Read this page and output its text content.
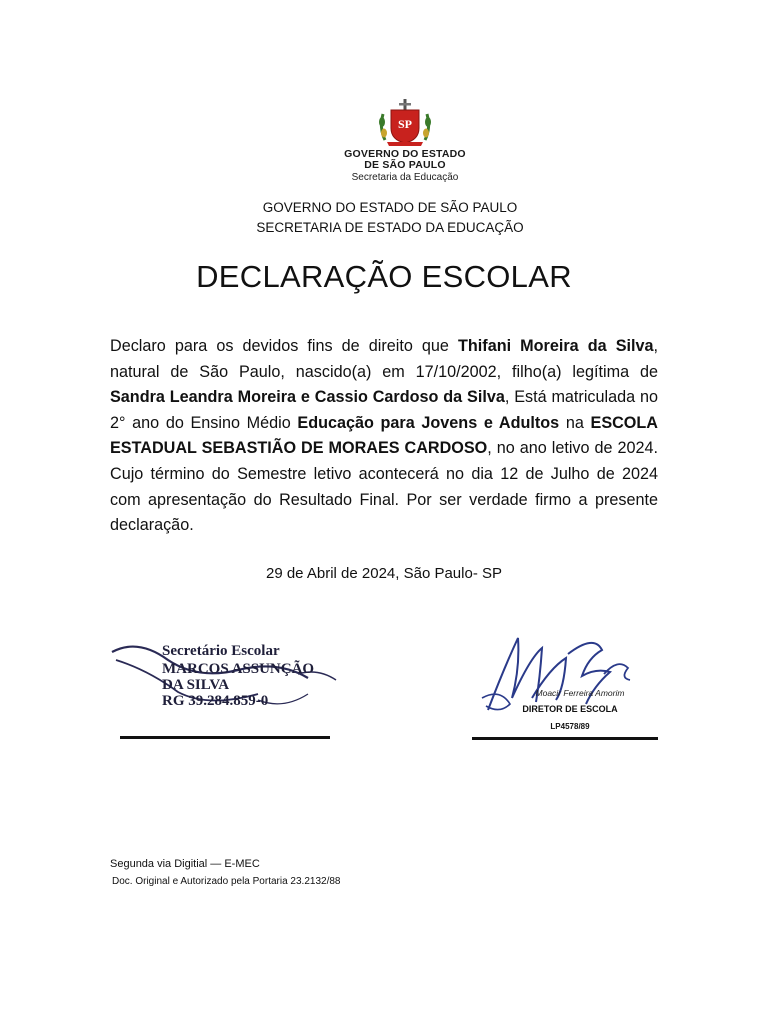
SP
GOVERNO DO ESTADO
DE SÃO PAULO
Secretaria da Educação
GOVERNO DO ESTADO DE SÃO PAULO
SECRETARIA DE ESTADO DA EDUCAÇÃO
DECLARAÇÃO ESCOLAR
Declaro para os devidos fins de direito que Thifani Moreira da Silva, natural de São Paulo, nascido(a) em 17/10/2002, filho(a) legítima de Sandra Leandra Moreira e Cassio Cardoso da Silva, Está matriculada no 2° ano do Ensino Médio Educação para Jovens e Adultos na ESCOLA ESTADUAL SEBASTIÃO DE MORAES CARDOSO, no ano letivo de 2024. Cujo término do Semestre letivo acontecerá no dia 12 de Julho de 2024 com apresentação do Resultado Final. Por ser verdade firmo a presente declaração.
29 de Abril de 2024, São Paulo- SP
Secretário Escolar
MARCOS ASSUNÇÃO
DA SILVA
RG 39.284.859-0	Moacir Ferreira Amorim
DIRETOR DE ESCOLA
LP4578/89
Segunda via Digitial — E-MEC
Doc. Original e Autorizado pela Portaria 23.2132/88
